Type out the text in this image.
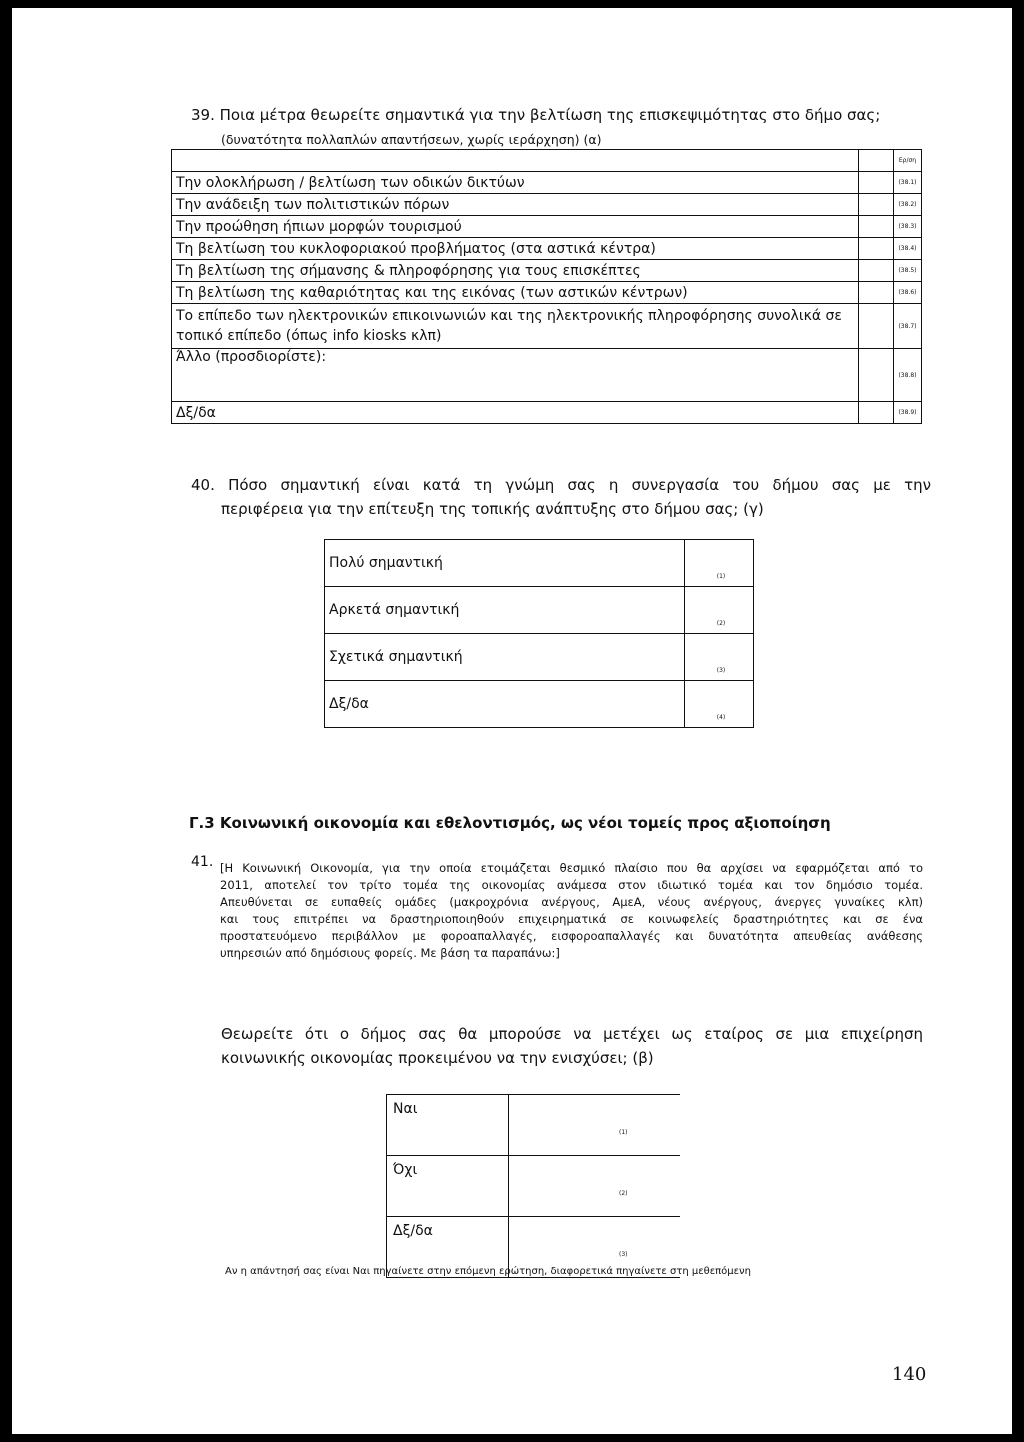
39. Ποια μέτρα θεωρείτε σημαντικά για την βελτίωση της επισκεψιμότητας στο δήμο σας;
(δυνατότητα πολλαπλών απαντήσεων, χωρίς ιεράρχηση) (α)
		Ερ/ση
Την ολοκλήρωση / βελτίωση των οδικών δικτύων		(38.1)
Την ανάδειξη των πολιτιστικών πόρων		(38.2)
Την προώθηση ήπιων μορφών τουρισμού		(38.3)
Τη βελτίωση του κυκλοφοριακού προβλήματος (στα αστικά κέντρα)		(38.4)
Τη βελτίωση της σήμανσης & πληροφόρησης για τους επισκέπτες		(38.5)
Τη βελτίωση της καθαριότητας και της εικόνας (των αστικών κέντρων)		(38.6)
Το επίπεδο των ηλεκτρονικών επικοινωνιών και της ηλεκτρονικής πληροφόρησης συνολικά σε τοπικό επίπεδο (όπως info kiosks κλπ)		(38.7)
Άλλο (προσδιορίστε):		(38.8)
Δξ/δα		(38.9)
40. Πόσο σημαντική είναι κατά τη γνώμη σας η συνεργασία του δήμου σας με την
περιφέρεια για την επίτευξη της τοπικής ανάπτυξης στο δήμου σας; (γ)
Πολύ σημαντική	(1)
Αρκετά σημαντική	(2)
Σχετικά σημαντική	(3)
Δξ/δα	(4)
Γ.3 Κοινωνική οικονομία και εθελοντισμός, ως νέοι τομείς προς αξιοποίηση
41. [Η Κοινωνική Οικονομία, για την οποία ετοιμάζεται θεσμικό πλαίσιο που θα αρχίσει να εφαρμόζεται από το
2011, αποτελεί τον τρίτο τομέα της οικονομίας ανάμεσα στον ιδιωτικό τομέα και τον δημόσιο τομέα.
Απευθύνεται σε ευπαθείς ομάδες (μακροχρόνια ανέργους, ΑμεΑ, νέους ανέργους, άνεργες γυναίκες κλπ)
και τους επιτρέπει να δραστηριοποιηθούν επιχειρηματικά σε κοινωφελείς δραστηριότητες και σε ένα
προστατευόμενο περιβάλλον με φοροαπαλλαγές, εισφοροαπαλλαγές και δυνατότητα απευθείας ανάθεσης
υπηρεσιών από δημόσιους φορείς. Με βάση τα παραπάνω:]
Θεωρείτε ότι ο δήμος σας θα μπορούσε να μετέχει ως εταίρος σε μια επιχείρηση
κοινωνικής οικονομίας προκειμένου να την ενισχύσει; (β)
Ναι	(1)
Όχι	(2)
Δξ/δα	(3)
Αν η απάντησή σας είναι Ναι πηγαίνετε στην επόμενη ερώτηση, διαφορετικά πηγαίνετε στη μεθεπόμενη
140
